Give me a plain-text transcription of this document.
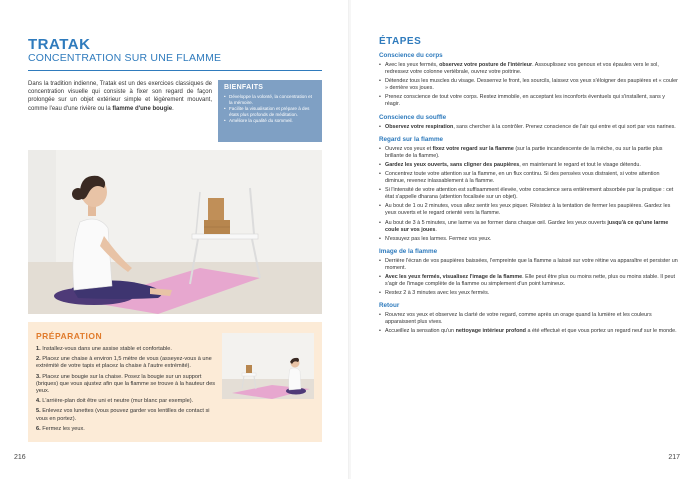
TRATAK
CONCENTRATION SUR UNE FLAMME
Dans la tradition indienne, Tratak est un des exercices classiques de concentration visuelle qui consiste à fixer son regard de façon prolongée sur un objet extérieur simple et légèrement mouvant, comme l'eau d'une rivière ou la flamme d'une bougie.
BIENFAITS
• Développe la volonté, la concentration et la mémoire.
• Facilite la visualisation et prépare à des états plus profonds de méditation.
• Améliore la qualité du sommeil.
PRÉPARATION
1. Installez-vous dans une assise stable et confortable.
2. Placez une chaise à environ 1,5 mètre de vous (asseyez-vous à une extrémité de votre tapis et placez la chaise à l'autre extrémité).
3. Placez une bougie sur la chaise. Posez la bougie sur un support (briques) que vous ajustez afin que la flamme se trouve à la hauteur des yeux.
4. L'arrière-plan doit être uni et neutre (mur blanc par exemple).
5. Enlevez vos lunettes (vous pouvez garder vos lentilles de contact si vous en portez).
6. Fermez les yeux.
216
ÉTAPES
Conscience du corps
• Avec les yeux fermés, observez votre posture de l'intérieur. Assouplissez vos genoux et vos épaules vers le sol, redressez votre colonne vertébrale, ouvrez votre poitrine.
• Détendez tous les muscles du visage. Desserrez le front, les sourcils, laissez vos yeux s'éloigner des paupières et « couler » derrière vos joues.
• Prenez conscience de tout votre corps. Restez immobile, en acceptant les inconforts éventuels qui s'installent, sans y réagir.
Conscience du souffle
• Observez votre respiration, sans chercher à la contrôler. Prenez conscience de l'air qui entre et qui sort par vos narines.
Regard sur la flamme
• Ouvrez vos yeux et fixez votre regard sur la flamme (sur la partie incandescente de la mèche, ou sur la partie plus brillante de la flamme).
• Gardez les yeux ouverts, sans cligner des paupières, en maintenant le regard et tout le visage détendu.
• Concentrez toute votre attention sur la flamme, en un flux continu. Si des pensées vous distraient, si votre attention diminue, revenez inlassablement à la flamme.
• Si l'intensité de votre attention est suffisamment élevée, votre conscience sera entièrement absorbée par la pratique : cet état s'appelle dharana (attention focalisée sur un objet).
• Au bout de 1 ou 2 minutes, vous allez sentir les yeux piquer. Résistez à la tentation de fermer les paupières. Gardez les yeux ouverts et le regard orienté vers la flamme.
• Au bout de 3 à 5 minutes, une larme va se former dans chaque œil. Gardez les yeux ouverts jusqu'à ce qu'une larme coule sur vos joues.
• N'essuyez pas les larmes. Fermez vos yeux.
Image de la flamme
• Derrière l'écran de vos paupières baissées, l'empreinte que la flamme a laissé sur votre rétine va apparaître et persister un moment.
• Avec les yeux fermés, visualisez l'image de la flamme. Elle peut être plus ou moins nette, plus ou moins stable. Il peut s'agir de l'image complète de la flamme ou simplement d'un point lumineux.
• Restez 2 à 3 minutes avec les yeux fermés.
Retour
• Rouvrez vos yeux et observez la clarté de votre regard, comme après un orage quand la lumière et les couleurs apparaissent plus vives.
• Accueillez la sensation qu'un nettoyage intérieur profond a été effectué et que vous portez un regard neuf sur le monde.
217
